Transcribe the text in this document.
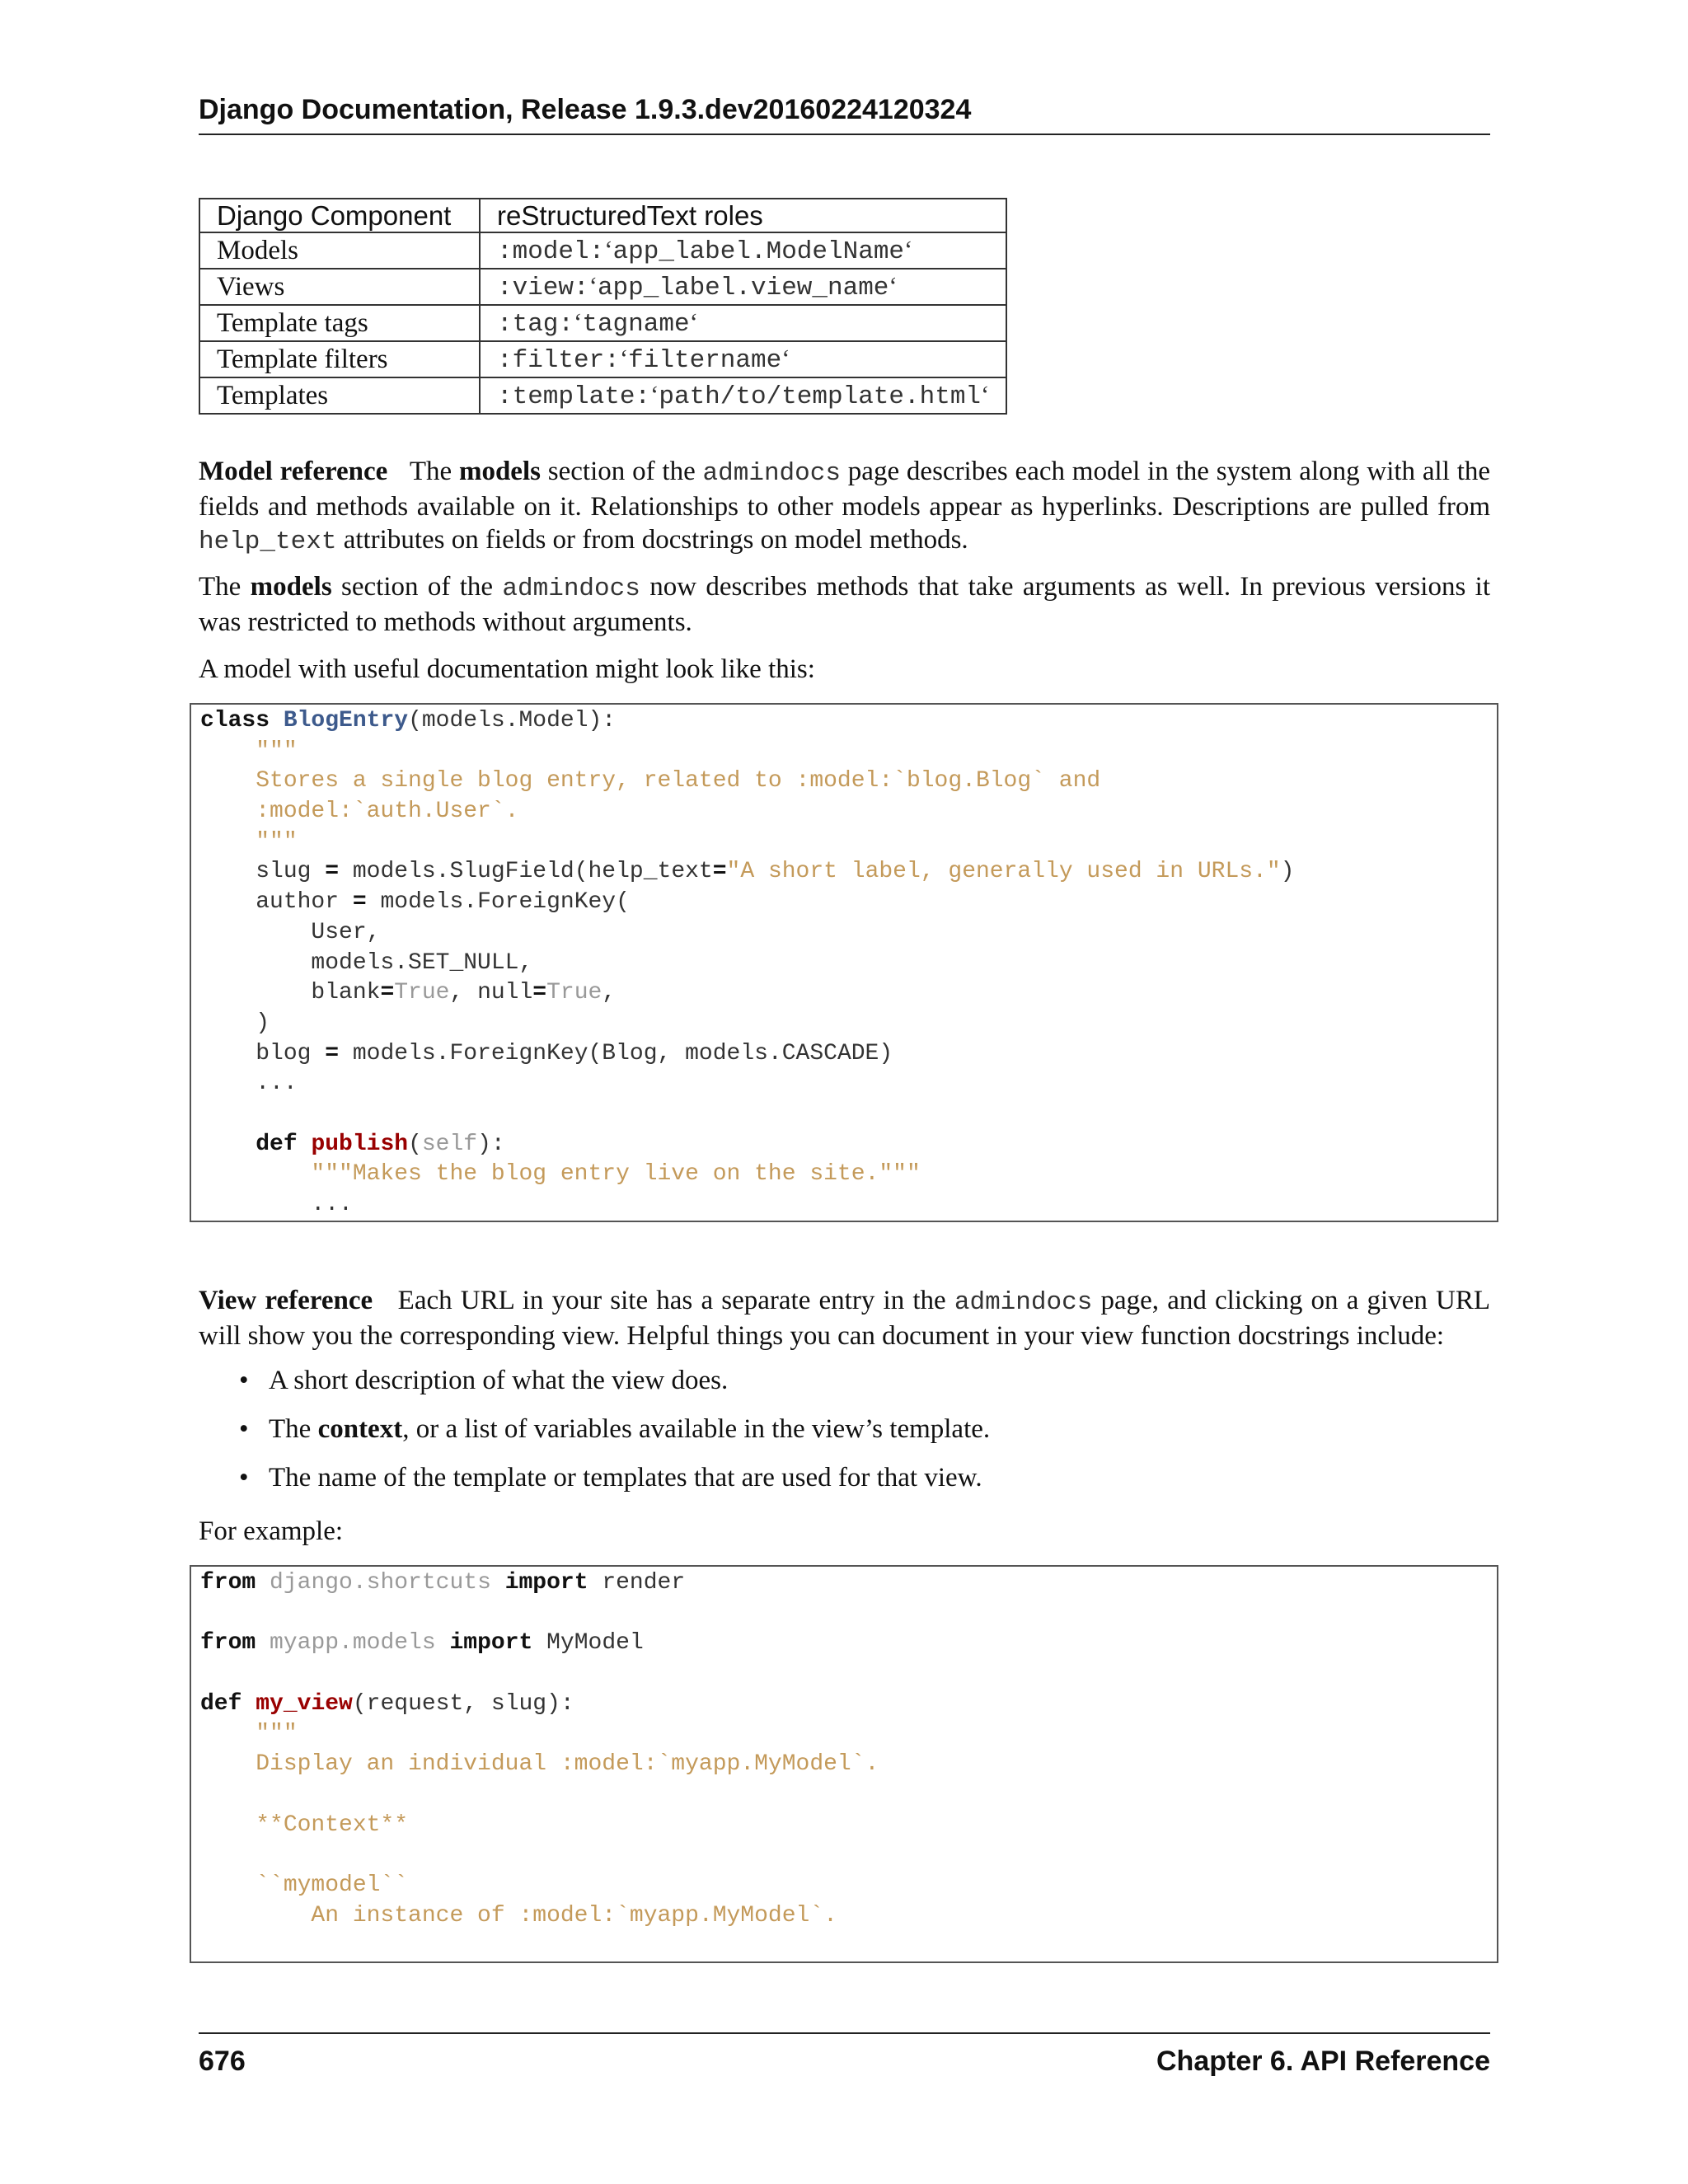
Django Documentation, Release 1.9.3.dev20160224120324
Django Component	reStructuredText roles
Models	:model:‘app_label.ModelName‘
Views	:view:‘app_label.view_name‘
Template tags	:tag:‘tagname‘
Template filters	:filter:‘filtername‘
Templates	:template:‘path/to/template.html‘

Model reference The models section of the admindocs page describes each model in the system along with all the fields and methods available on it. Relationships to other models appear as hyperlinks. Descriptions are pulled from help_text attributes on fields or from docstrings on model methods.

The models section of the admindocs now describes methods that take arguments as well. In previous versions it was restricted to methods without arguments.

A model with useful documentation might look like this:

class BlogEntry(models.Model):
"""
Stores a single blog entry, related to :model:`blog.Blog` and
:model:`auth.User`.
"""
slug = models.SlugField(help_text="A short label, generally used in URLs.")
author = models.ForeignKey(
User,
models.SET_NULL,
blank=True, null=True,
)
blog = models.ForeignKey(Blog, models.CASCADE)
...
def publish(self):
"""Makes the blog entry live on the site."""
...

View reference Each URL in your site has a separate entry in the admindocs page, and clicking on a given URL will show you the corresponding view. Helpful things you can document in your view function docstrings include:

• A short description of what the view does.
• The context, or a list of variables available in the view’s template.
• The name of the template or templates that are used for that view.

For example:

from django.shortcuts import render
from myapp.models import MyModel
def my_view(request, slug):
"""
Display an individual :model:`myapp.MyModel`.
**Context**
``mymodel``
An instance of :model:`myapp.MyModel`.
676	Chapter 6. API Reference
